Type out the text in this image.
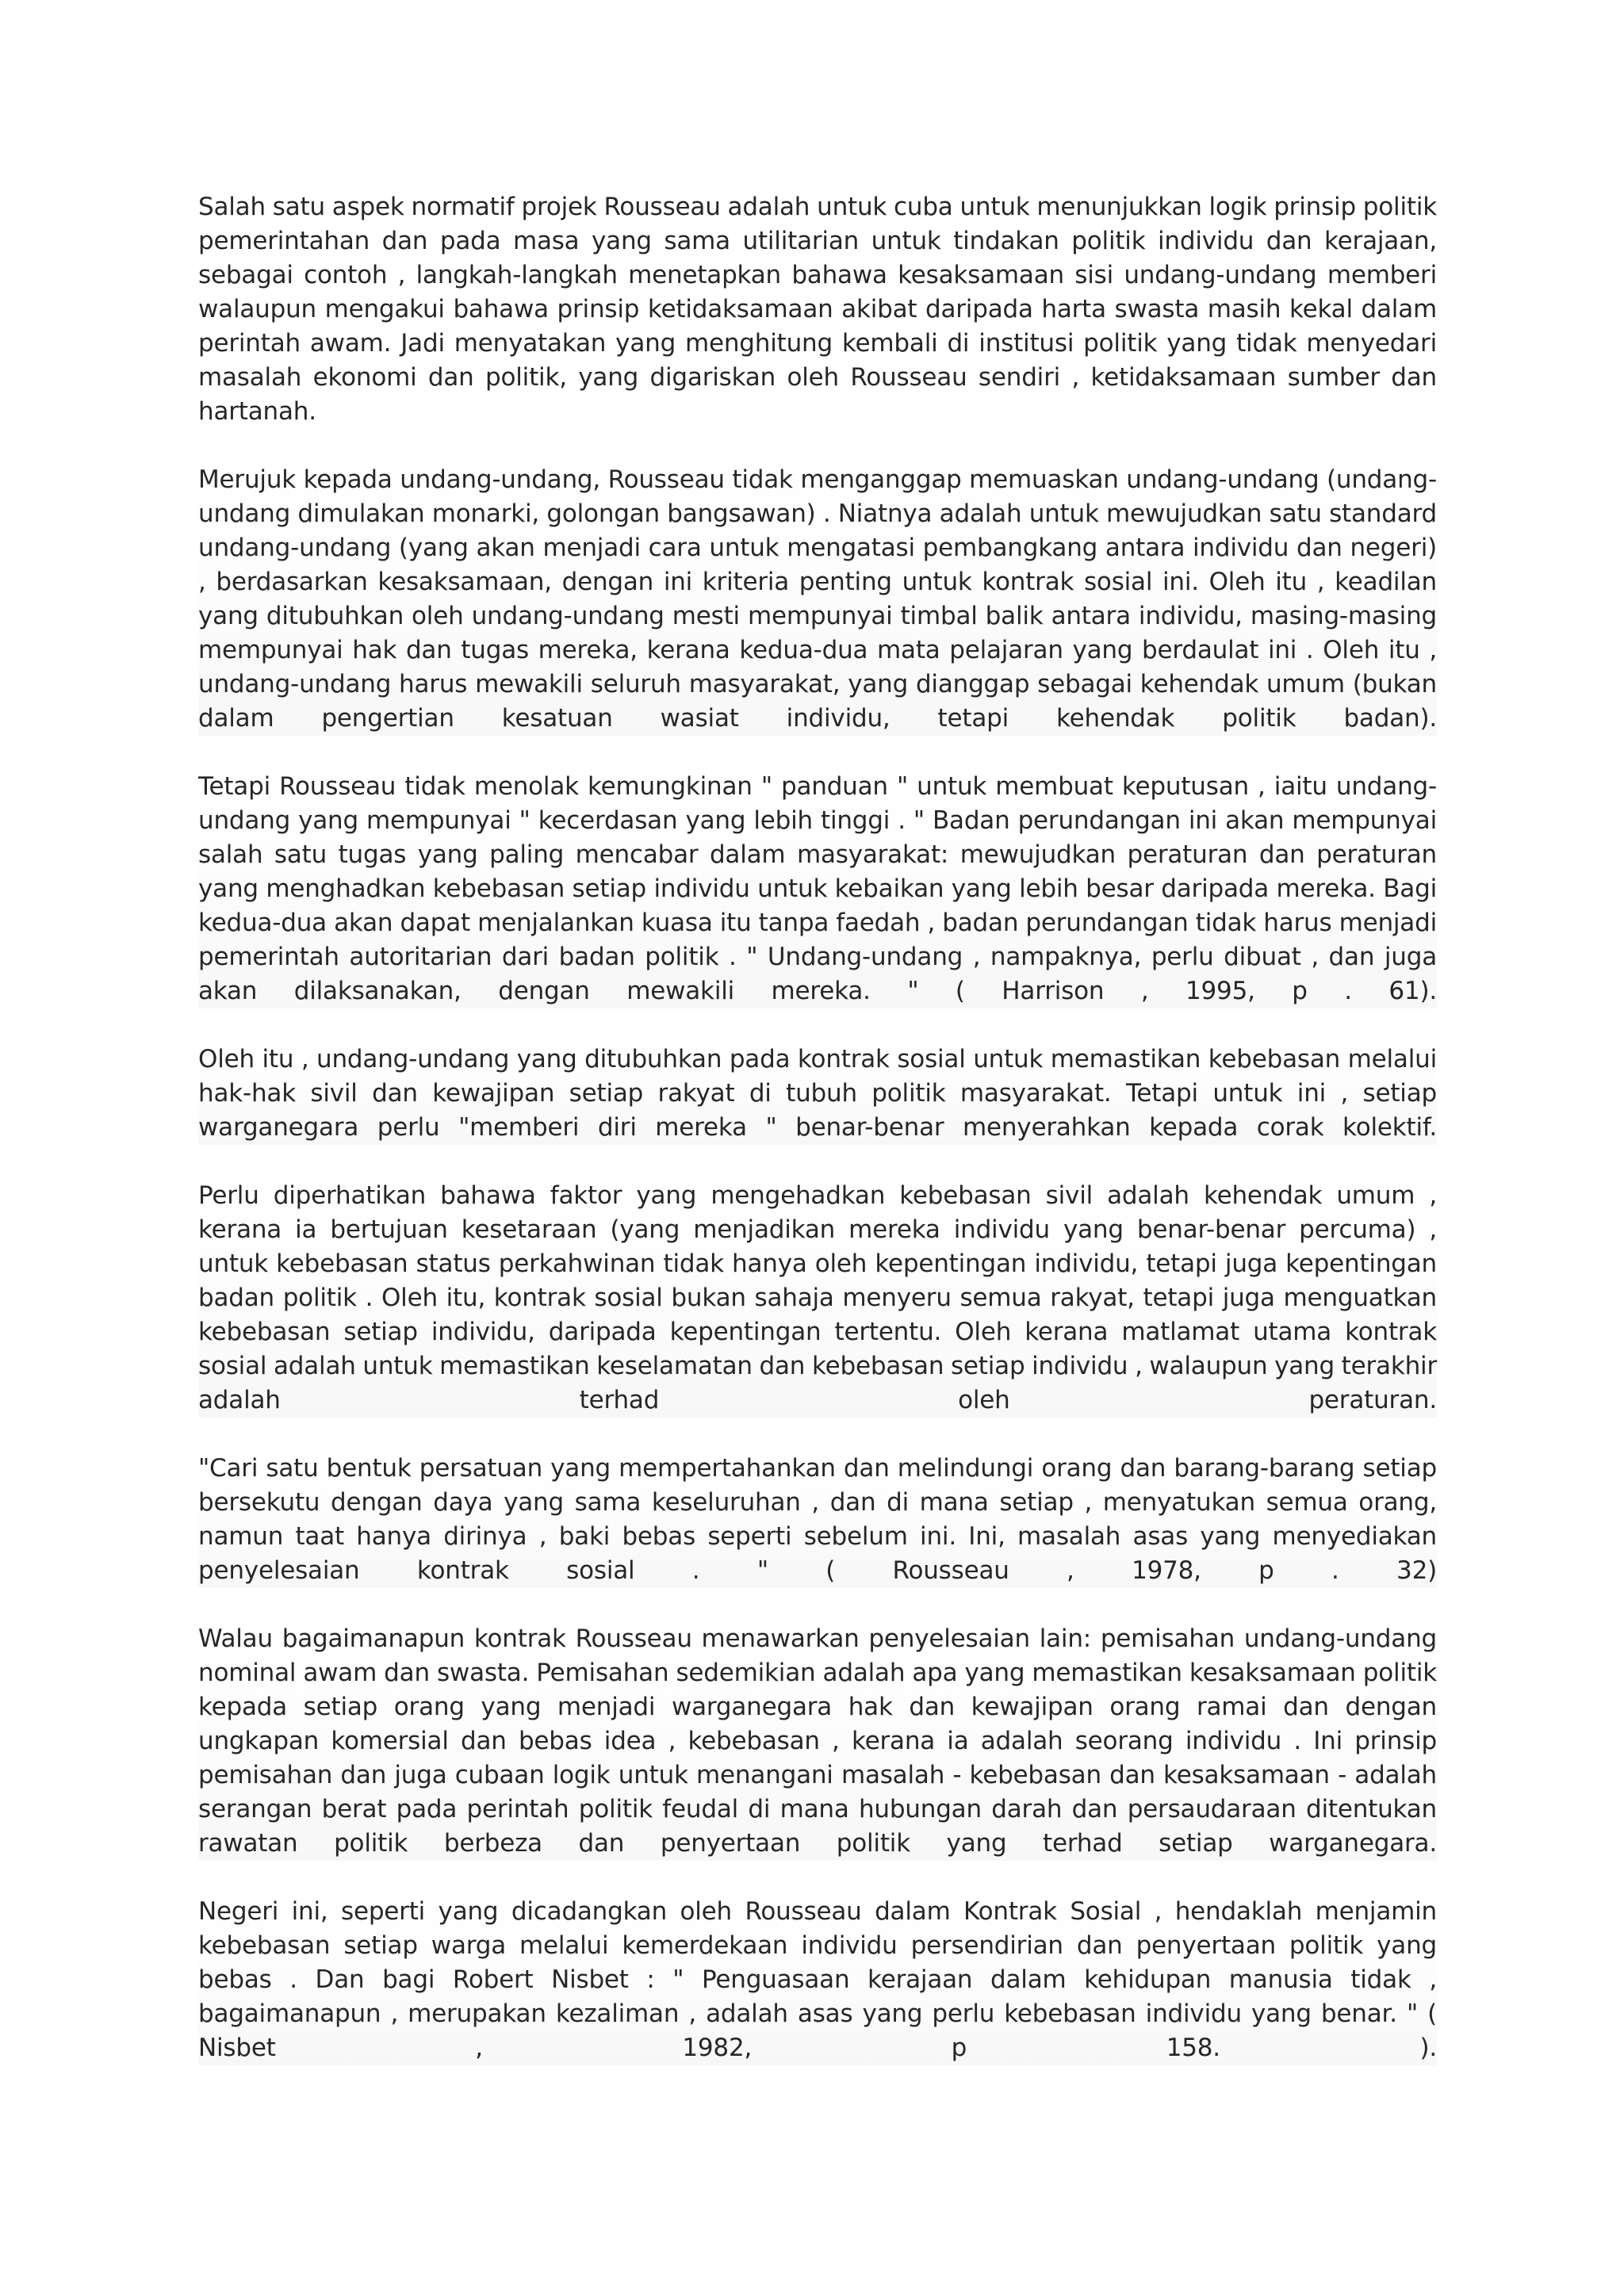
Salah satu aspek normatif projek Rousseau adalah untuk cuba untuk menunjukkan logik prinsip politik pemerintahan dan pada masa yang sama utilitarian untuk tindakan politik individu dan kerajaan, sebagai contoh , langkah-langkah menetapkan bahawa kesaksamaan sisi undang-undang memberi walaupun mengakui bahawa prinsip ketidaksamaan akibat daripada harta swasta masih kekal dalam perintah awam. Jadi menyatakan yang menghitung kembali di institusi politik yang tidak menyedari masalah ekonomi dan politik, yang digariskan oleh Rousseau sendiri , ketidaksamaan sumber dan hartanah.

Merujuk kepada undang-undang, Rousseau tidak menganggap memuaskan undang-undang (undang-undang dimulakan monarki, golongan bangsawan) . Niatnya adalah untuk mewujudkan satu standard undang-undang (yang akan menjadi cara untuk mengatasi pembangkang antara individu dan negeri) , berdasarkan kesaksamaan, dengan ini kriteria penting untuk kontrak sosial ini. Oleh itu , keadilan yang ditubuhkan oleh undang-undang mesti mempunyai timbal balik antara individu, masing-masing mempunyai hak dan tugas mereka, kerana kedua-dua mata pelajaran yang berdaulat ini . Oleh itu , undang-undang harus mewakili seluruh masyarakat, yang dianggap sebagai kehendak umum (bukan dalam pengertian kesatuan wasiat individu, tetapi kehendak politik badan).

Tetapi Rousseau tidak menolak kemungkinan " panduan " untuk membuat keputusan , iaitu undang-undang yang mempunyai " kecerdasan yang lebih tinggi . " Badan perundangan ini akan mempunyai salah satu tugas yang paling mencabar dalam masyarakat: mewujudkan peraturan dan peraturan yang menghadkan kebebasan setiap individu untuk kebaikan yang lebih besar daripada mereka. Bagi kedua-dua akan dapat menjalankan kuasa itu tanpa faedah , badan perundangan tidak harus menjadi pemerintah autoritarian dari badan politik . " Undang-undang , nampaknya, perlu dibuat , dan juga akan dilaksanakan, dengan mewakili mereka. " ( Harrison , 1995, p . 61).

Oleh itu , undang-undang yang ditubuhkan pada kontrak sosial untuk memastikan kebebasan melalui hak-hak sivil dan kewajipan setiap rakyat di tubuh politik masyarakat. Tetapi untuk ini , setiap warganegara perlu "memberi diri mereka " benar-benar menyerahkan kepada corak kolektif.

Perlu diperhatikan bahawa faktor yang mengehadkan kebebasan sivil adalah kehendak umum , kerana ia bertujuan kesetaraan (yang menjadikan mereka individu yang benar-benar percuma) , untuk kebebasan status perkahwinan tidak hanya oleh kepentingan individu, tetapi juga kepentingan badan politik . Oleh itu, kontrak sosial bukan sahaja menyeru semua rakyat, tetapi juga menguatkan kebebasan setiap individu, daripada kepentingan tertentu. Oleh kerana matlamat utama kontrak sosial adalah untuk memastikan keselamatan dan kebebasan setiap individu , walaupun yang terakhir adalah terhad oleh peraturan.

"Cari satu bentuk persatuan yang mempertahankan dan melindungi orang dan barang-barang setiap bersekutu dengan daya yang sama keseluruhan , dan di mana setiap , menyatukan semua orang, namun taat hanya dirinya , baki bebas seperti sebelum ini. Ini, masalah asas yang menyediakan penyelesaian kontrak sosial . " ( Rousseau , 1978, p . 32)

Walau bagaimanapun kontrak Rousseau menawarkan penyelesaian lain: pemisahan undang-undang nominal awam dan swasta. Pemisahan sedemikian adalah apa yang memastikan kesaksamaan politik kepada setiap orang yang menjadi warganegara hak dan kewajipan orang ramai dan dengan ungkapan komersial dan bebas idea , kebebasan , kerana ia adalah seorang individu . Ini prinsip pemisahan dan juga cubaan logik untuk menangani masalah - kebebasan dan kesaksamaan - adalah serangan berat pada perintah politik feudal di mana hubungan darah dan persaudaraan ditentukan rawatan politik berbeza dan penyertaan politik yang terhad setiap warganegara.

Negeri ini, seperti yang dicadangkan oleh Rousseau dalam Kontrak Sosial , hendaklah menjamin kebebasan setiap warga melalui kemerdekaan individu persendirian dan penyertaan politik yang bebas . Dan bagi Robert Nisbet : " Penguasaan kerajaan dalam kehidupan manusia tidak , bagaimanapun , merupakan kezaliman , adalah asas yang perlu kebebasan individu yang benar. " ( Nisbet , 1982, p 158. ).
